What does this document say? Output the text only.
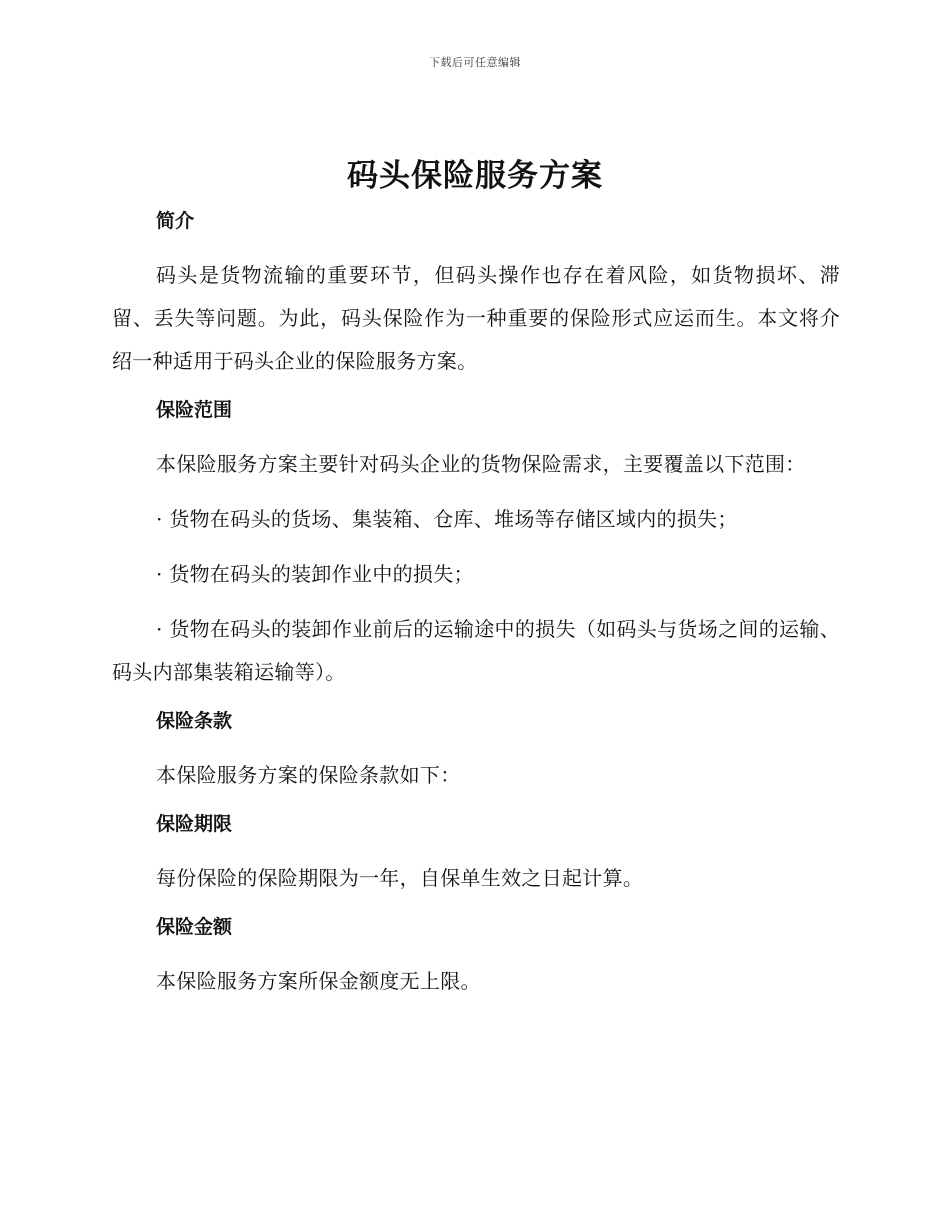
下载后可任意编辑
码头保险服务方案
简介

码头是货物流输的重要环节，但码头操作也存在着风险，如货物损坏、滞留、丢失等问题。为此，码头保险作为一种重要的保险形式应运而生。本文将介绍一种适用于码头企业的保险服务方案。

保险范围

本保险服务方案主要针对码头企业的货物保险需求，主要覆盖以下范围：

· 货物在码头的货场、集装箱、仓库、堆场等存储区域内的损失；

· 货物在码头的装卸作业中的损失；

· 货物在码头的装卸作业前后的运输途中的损失（如码头与货场之间的运输、码头内部集装箱运输等）。

保险条款

本保险服务方案的保险条款如下：

保险期限

每份保险的保险期限为一年，自保单生效之日起计算。

保险金额

本保险服务方案所保金额度无上限。
